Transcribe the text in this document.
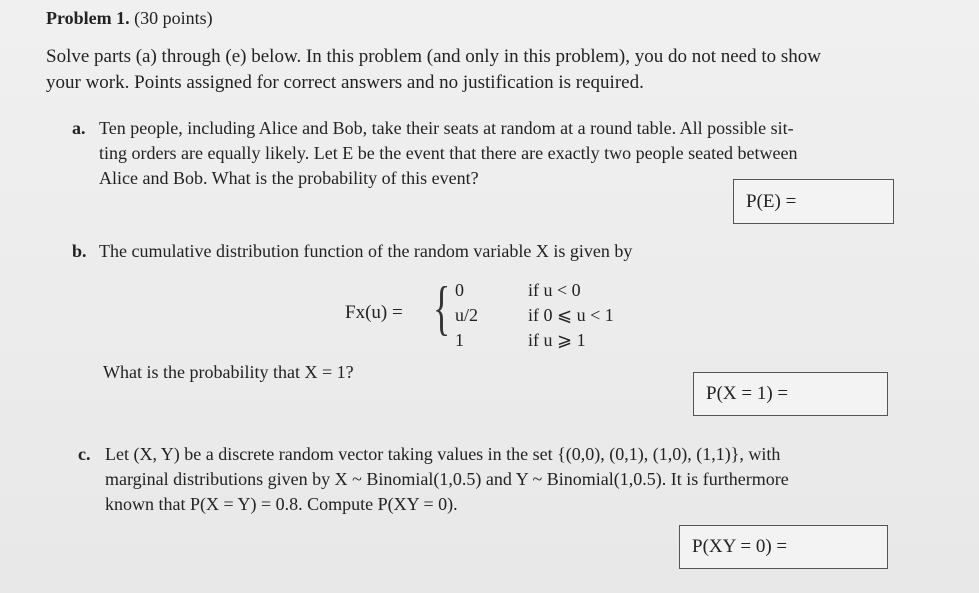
Problem 1. (30 points)
Solve parts (a) through (e) below. In this problem (and only in this problem), you do not need to show
your work. Points assigned for correct answers and no justification is required.
a. Ten people, including Alice and Bob, take their seats at random at a round table. All possible sit-
ting orders are equally likely. Let E be the event that there are exactly two people seated between
Alice and Bob. What is the probability of this event?
P(E) =
b. The cumulative distribution function of the random variable X is given by
Fx(u) = { 0
u/2
1
if u < 0
if 0 ⩽ u < 1
if u ⩾ 1
What is the probability that X = 1?
P(X = 1) =
c. Let (X, Y) be a discrete random vector taking values in the set {(0,0), (0,1), (1,0), (1,1)}, with
marginal distributions given by X ~ Binomial(1,0.5) and Y ~ Binomial(1,0.5). It is furthermore
known that P(X = Y) = 0.8. Compute P(XY = 0).
P(XY = 0) =
